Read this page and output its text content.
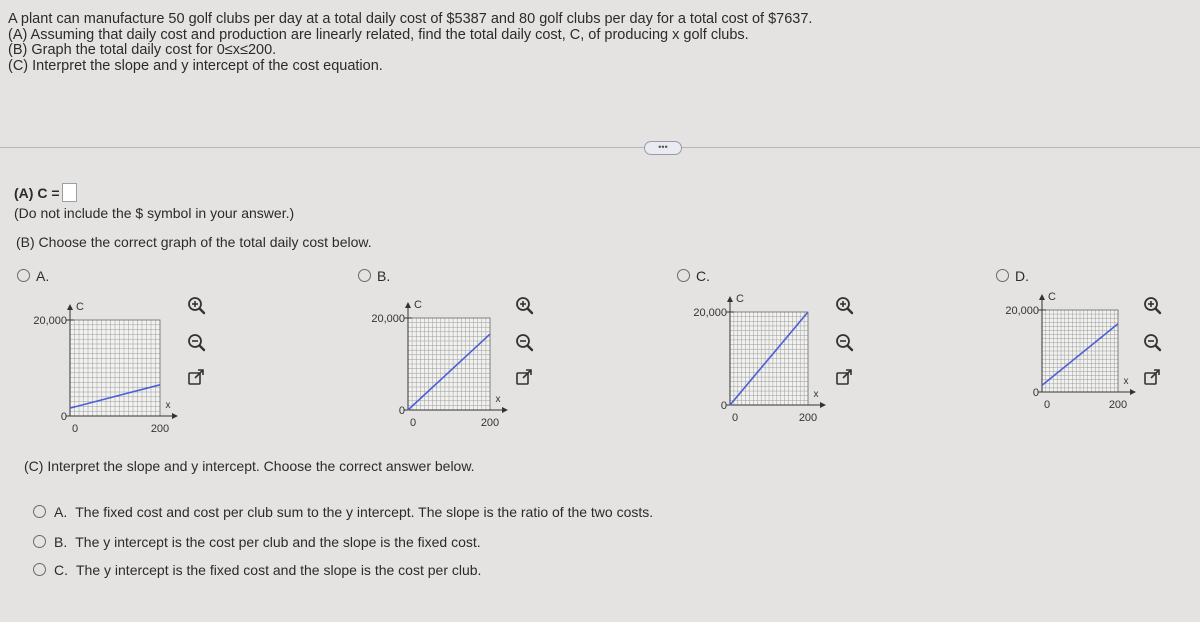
A plant can manufacture 50 golf clubs per day at a total daily cost of $5387 and 80 golf clubs per day for a total cost of $7637.
(A) Assuming that daily cost and production are linearly related, find the total daily cost, C, of producing x golf clubs.
(B) Graph the total daily cost for 0≤x≤200.
(C) Interpret the slope and y intercept of the cost equation.
•••
(A) C =
(Do not include the $ symbol in your answer.)
(B) Choose the correct graph of the total daily cost below.
A.
20,000
0
C
x
0	200
B.
20,000
0
C
x
0	200
C.
20,000
0
C
x
0	200
D.
20,000
0
C
x
0	200
(C) Interpret the slope and y intercept. Choose the correct answer below.
A. The fixed cost and cost per club sum to the y intercept. The slope is the ratio of the two costs.
B. The y intercept is the cost per club and the slope is the fixed cost.
C. The y intercept is the fixed cost and the slope is the cost per club.
